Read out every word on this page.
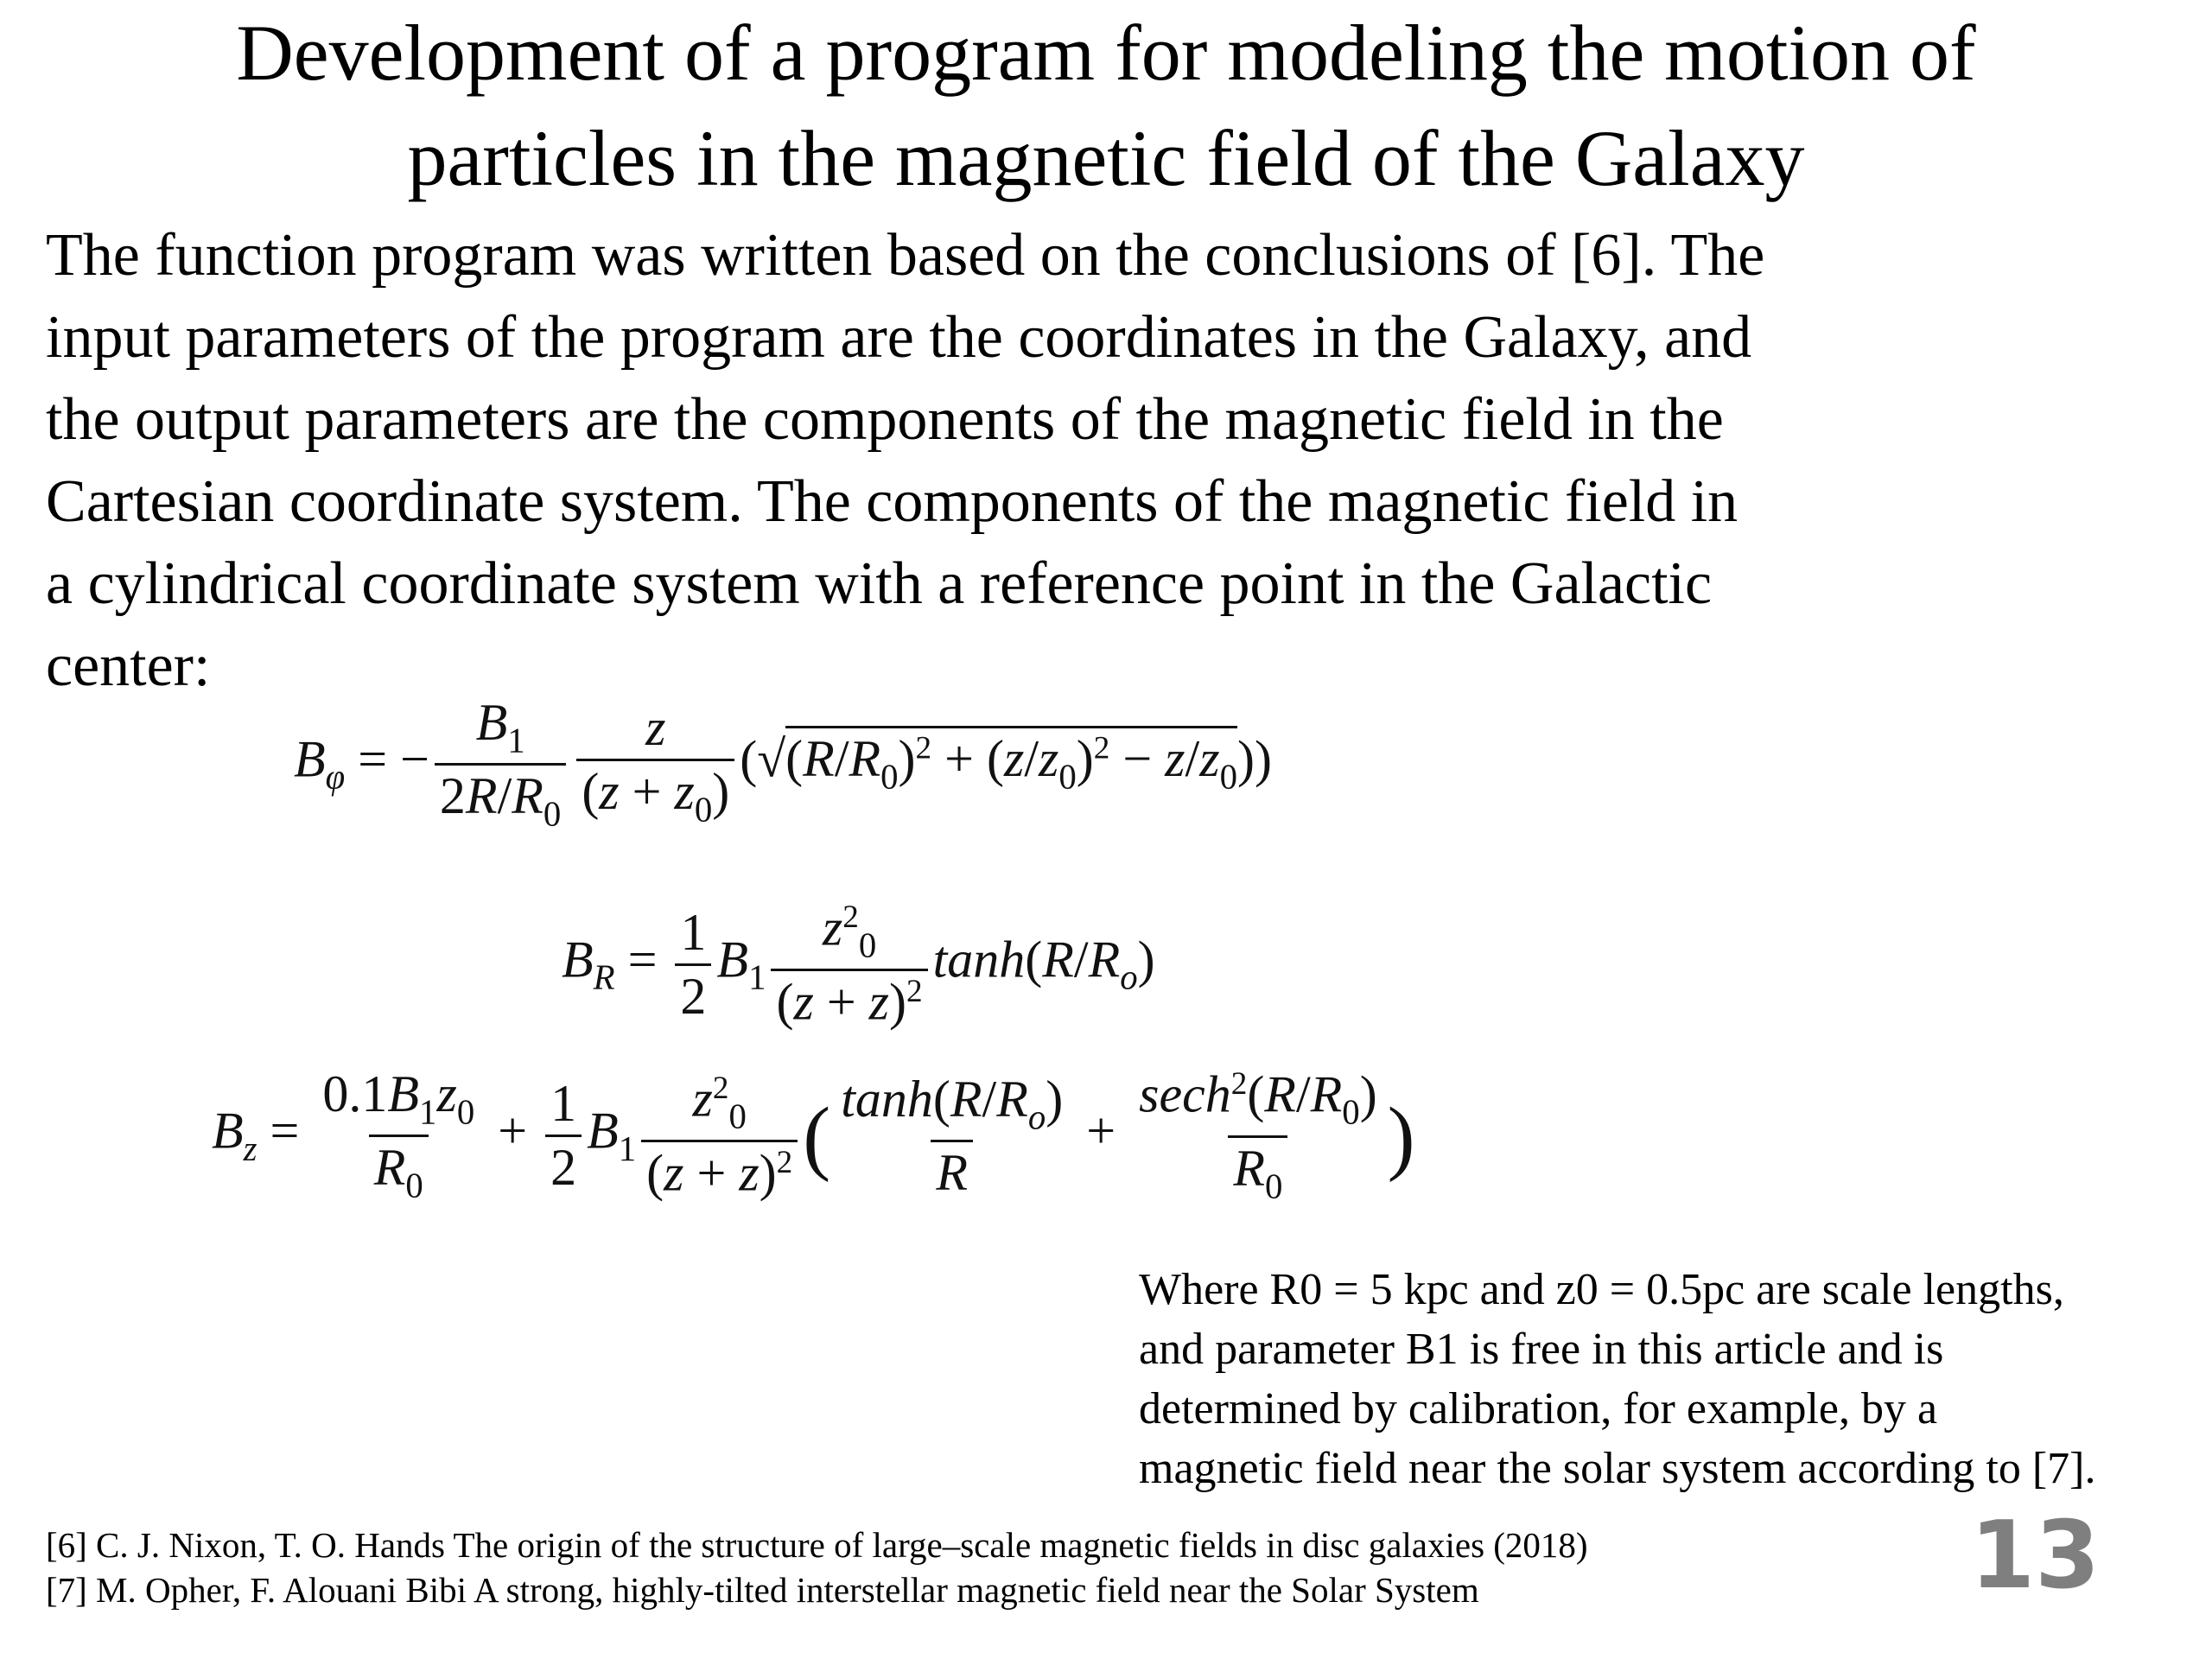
Development of a program for modeling the motion of
particles in the magnetic field of the Galaxy
The function program was written based on the conclusions of [6]. The
input parameters of the program are the coordinates in the Galaxy, and
the output parameters are the components of the magnetic field in the
Cartesian coordinate system. The components of the magnetic field in
a cylindrical coordinate system with a reference point in the Galactic
center:
$B_\varphi$ = − $\frac{B_1}{2R/R_0} \frac{z}{(z + z_0)} (√(R/R_0)^2 + (z/z_0)^2 - z/z_0)$)
$B_R = \frac{1}{2} B_1 \frac{z^2_0}{(z + z)^2} \tanh(R/R_o)$
$B_z = \frac{0.1B_1z_0}{R_0} + \frac{1}{2} B_1 \frac{z^2_0}{(z + z)^2}$ ( $\frac{\tanh(R/R_o)}{R} + \frac{\sec h^2(R/R_0)}{R_0}$ )
Where R0 = 5 kpc and z0 = 0.5pc are scale lengths,
and parameter B1 is free in this article and is
determined by calibration, for example, by a
magnetic field near the solar system according to [7].
13
[6] C. J. Nixon, T. O. Hands The origin of the structure of large–scale magnetic fields in disc galaxies (2018)
[7] M. Opher, F. Alouani Bibi A strong, highly-tilted interstellar magnetic field near the Solar System
